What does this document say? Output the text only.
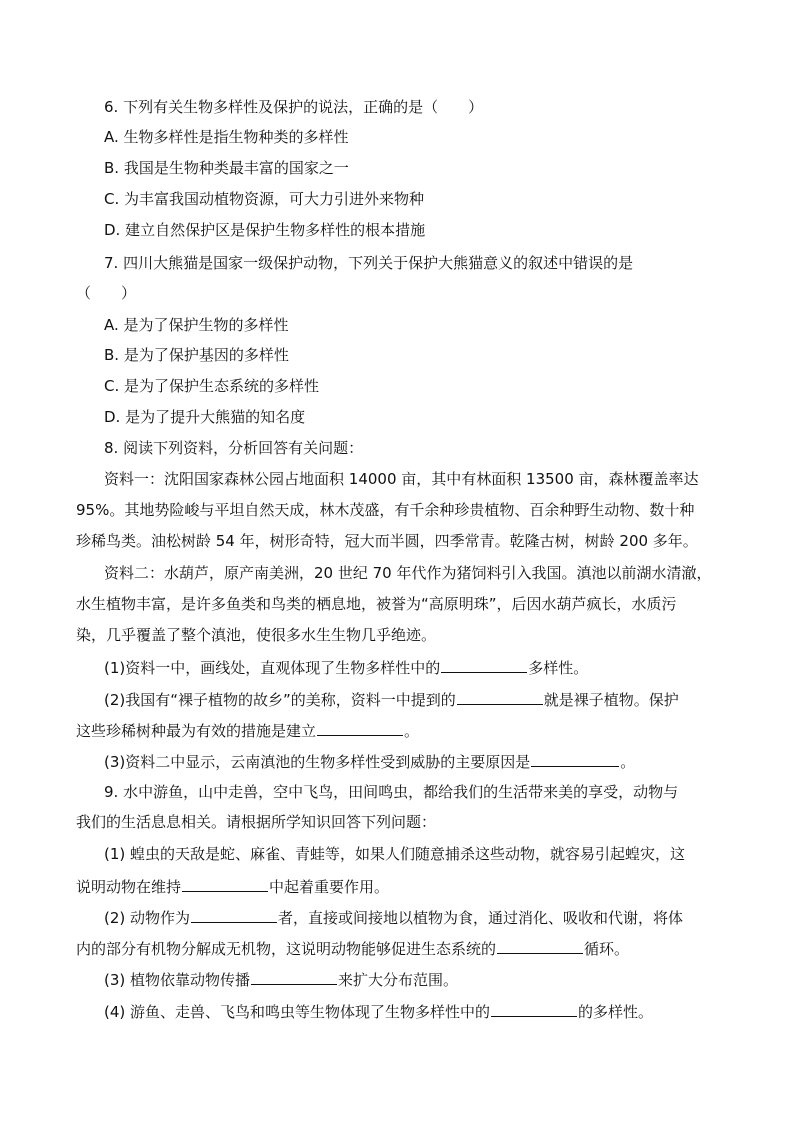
6. 下列有关生物多样性及保护的说法，正确的是（　　）
A. 生物多样性是指生物种类的多样性
B. 我国是生物种类最丰富的国家之一
C. 为丰富我国动植物资源，可大力引进外来物种
D. 建立自然保护区是保护生物多样性的根本措施
7. 四川大熊猫是国家一级保护动物，下列关于保护大熊猫意义的叙述中错误的是
（　　）
A. 是为了保护生物的多样性
B. 是为了保护基因的多样性
C. 是为了保护生态系统的多样性
D. 是为了提升大熊猫的知名度
8. 阅读下列资料，分析回答有关问题：
资料一：沈阳国家森林公园占地面积 14000 亩，其中有林面积 13500 亩，森林覆盖率达
95%。其地势险峻与平坦自然天成，林木茂盛，有千余种珍贵植物、百余种野生动物、数十种
珍稀鸟类。油松树龄 54 年，树形奇特，冠大而半圆，四季常青。乾隆古树，树龄 200 多年。
资料二：水葫芦，原产南美洲，20 世纪 70 年代作为猪饲料引入我国。滇池以前湖水清澈，
水生植物丰富，是许多鱼类和鸟类的栖息地，被誉为“高原明珠”，后因水葫芦疯长，水质污
染，几乎覆盖了整个滇池，使很多水生生物几乎绝迹。
(1)资料一中，画线处，直观体现了生物多样性中的	多样性。
(2)我国有“裸子植物的故乡”的美称，资料一中提到的	就是裸子植物。保护
这些珍稀树种最为有效的措施是建立	。
(3)资料二中显示，云南滇池的生物多样性受到威胁的主要原因是	。
9. 水中游鱼，山中走兽，空中飞鸟，田间鸣虫，都给我们的生活带来美的享受，动物与
我们的生活息息相关。请根据所学知识回答下列问题：
(1) 蝗虫的天敌是蛇、麻雀、青蛙等，如果人们随意捕杀这些动物，就容易引起蝗灾，这
说明动物在维持	中起着重要作用。
(2) 动物作为	者，直接或间接地以植物为食，通过消化、吸收和代谢，将体
内的部分有机物分解成无机物，这说明动物能够促进生态系统的	循环。
(3) 植物依靠动物传播	来扩大分布范围。
(4) 游鱼、走兽、飞鸟和鸣虫等生物体现了生物多样性中的	的多样性。
